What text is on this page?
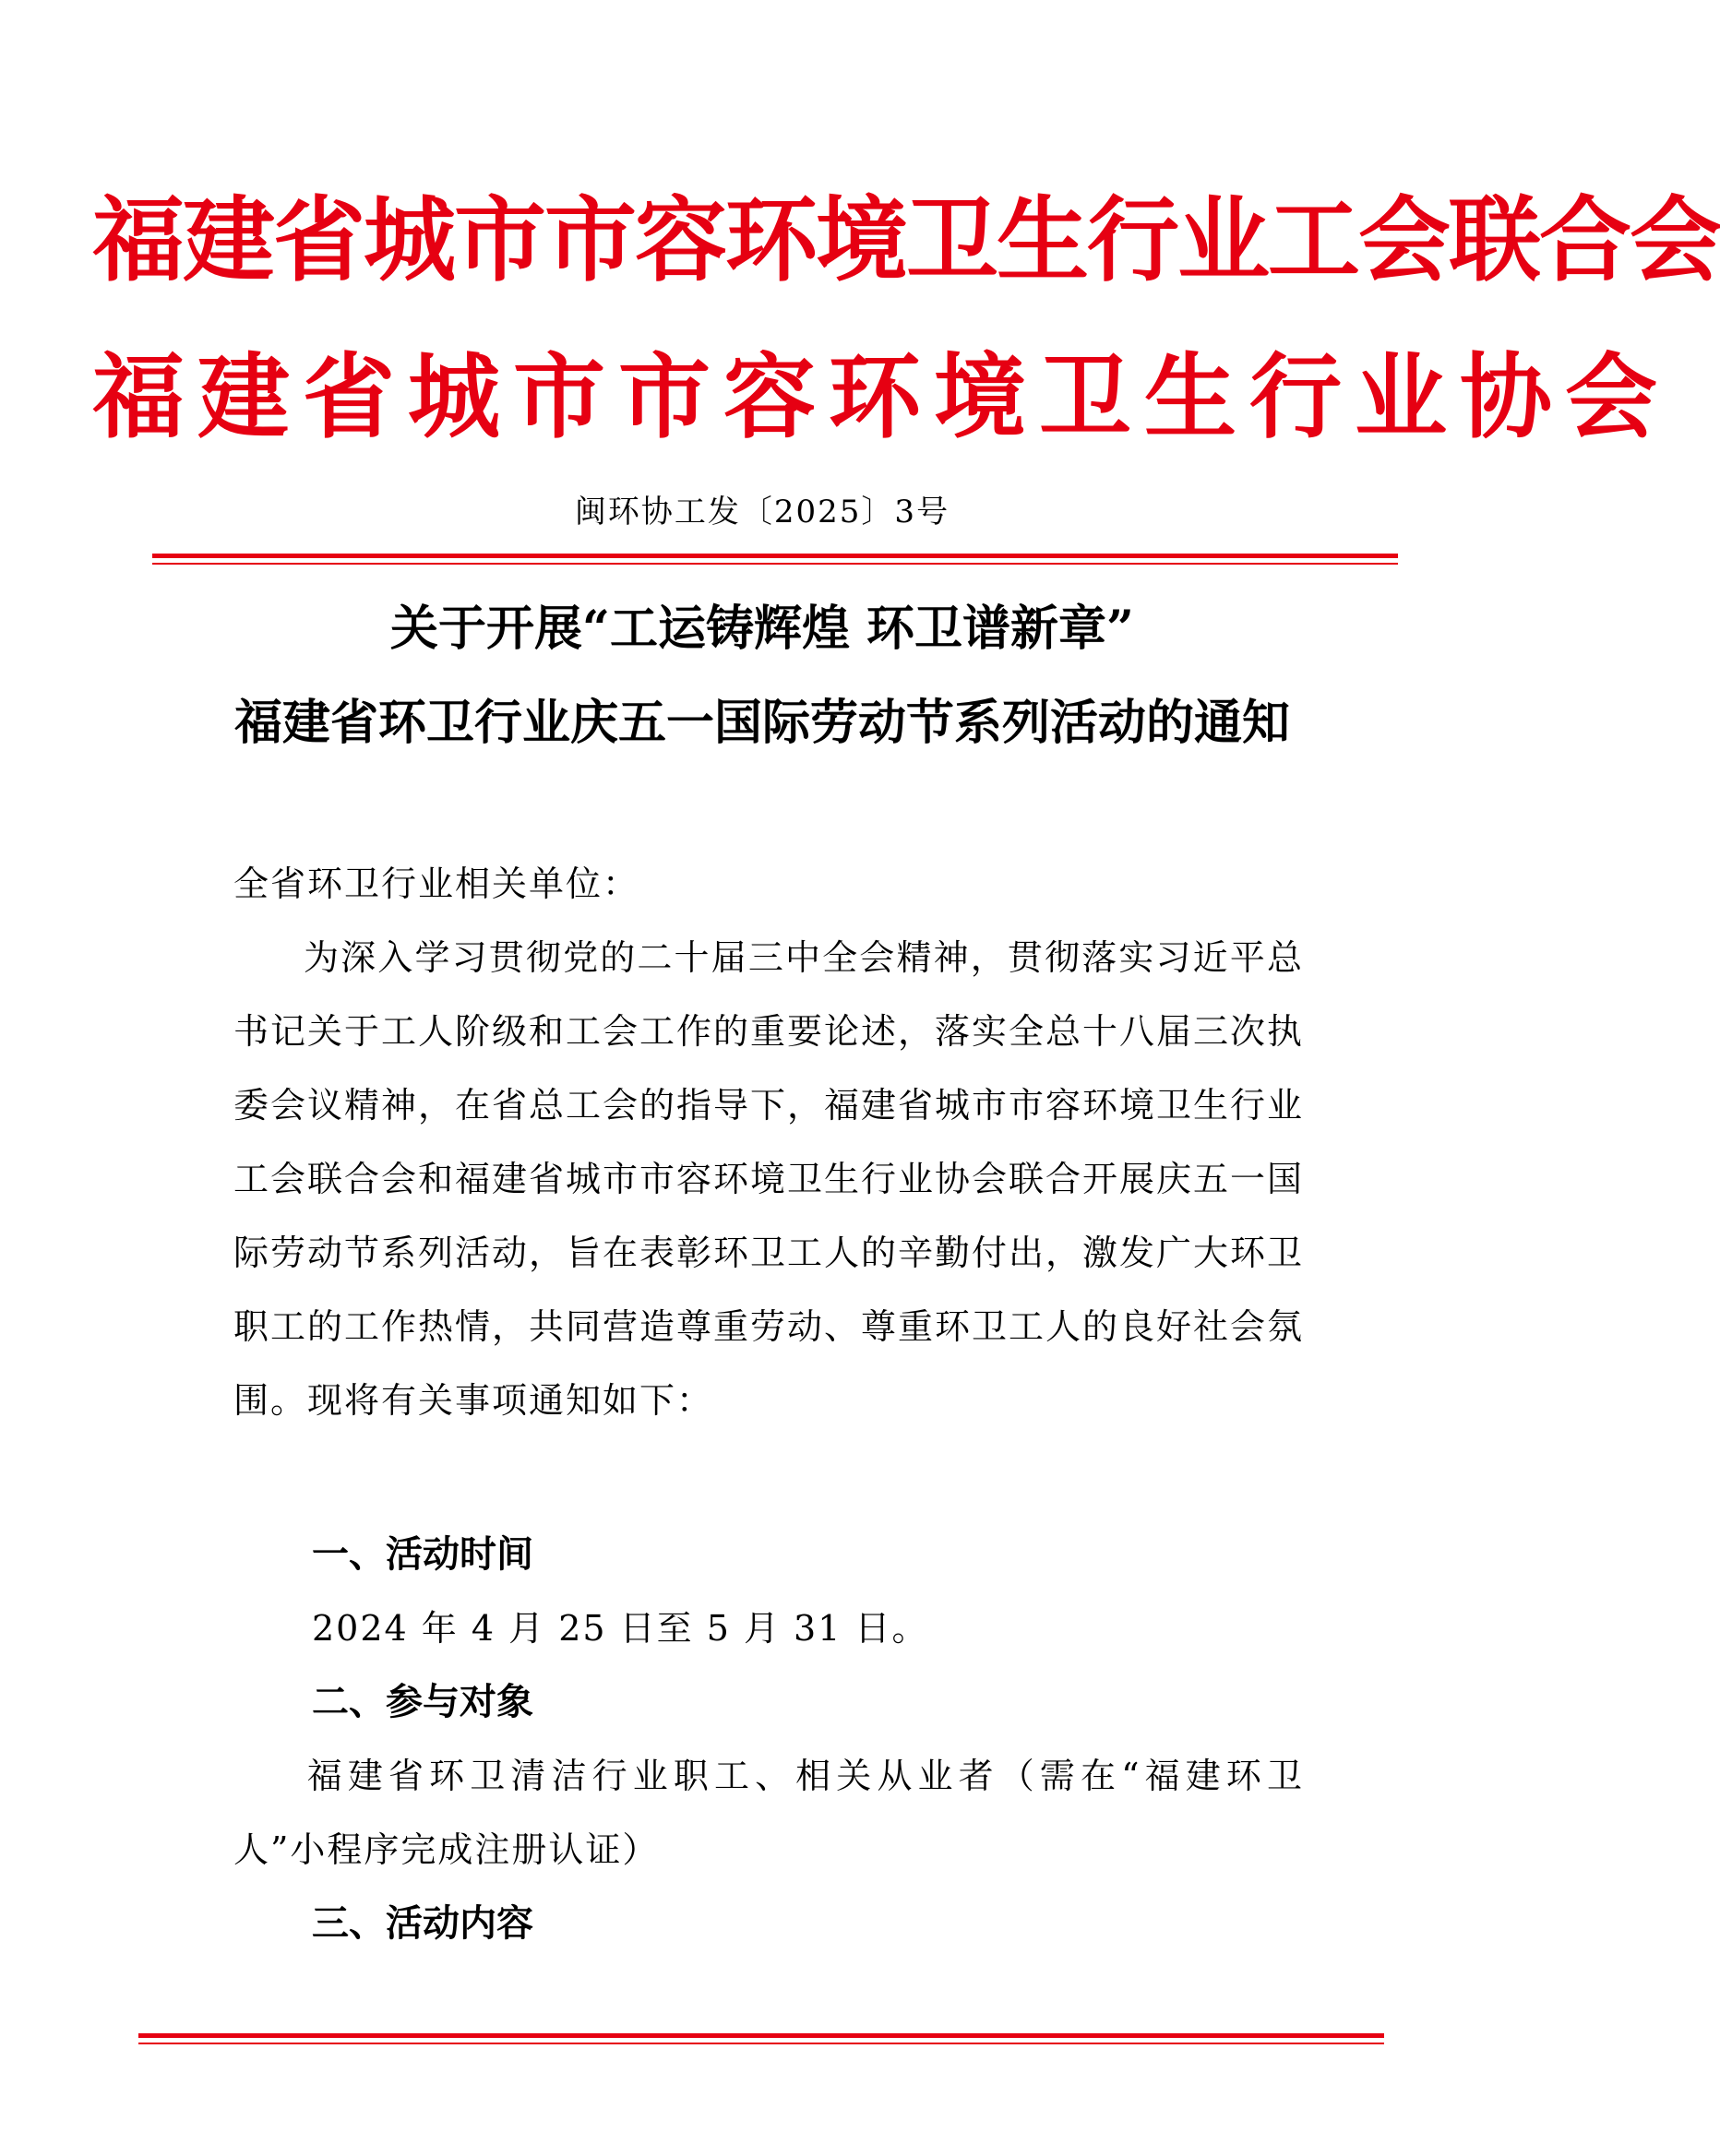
福建省城市市容环境卫生行业工会联合会
福建省城市市容环境卫生行业协会
闽环协工发〔2025〕3号
关于开展“工运铸辉煌 环卫谱新章”
福建省环卫行业庆五一国际劳动节系列活动的通知
全省环卫行业相关单位：
为深入学习贯彻党的二十届三中全会精神，贯彻落实习近平总书记关于工人阶级和工会工作的重要论述，落实全总十八届三次执委会议精神，在省总工会的指导下，福建省城市市容环境卫生行业工会联合会和福建省城市市容环境卫生行业协会联合开展庆五一国际劳动节系列活动，旨在表彰环卫工人的辛勤付出，激发广大环卫职工的工作热情，共同营造尊重劳动、尊重环卫工人的良好社会氛围。现将有关事项通知如下：
一、活动时间
2024 年 4 月 25 日至 5 月 31 日。
二、参与对象
福建省环卫清洁行业职工、相关从业者（需在“福建环卫人”小程序完成注册认证）
三、活动内容
